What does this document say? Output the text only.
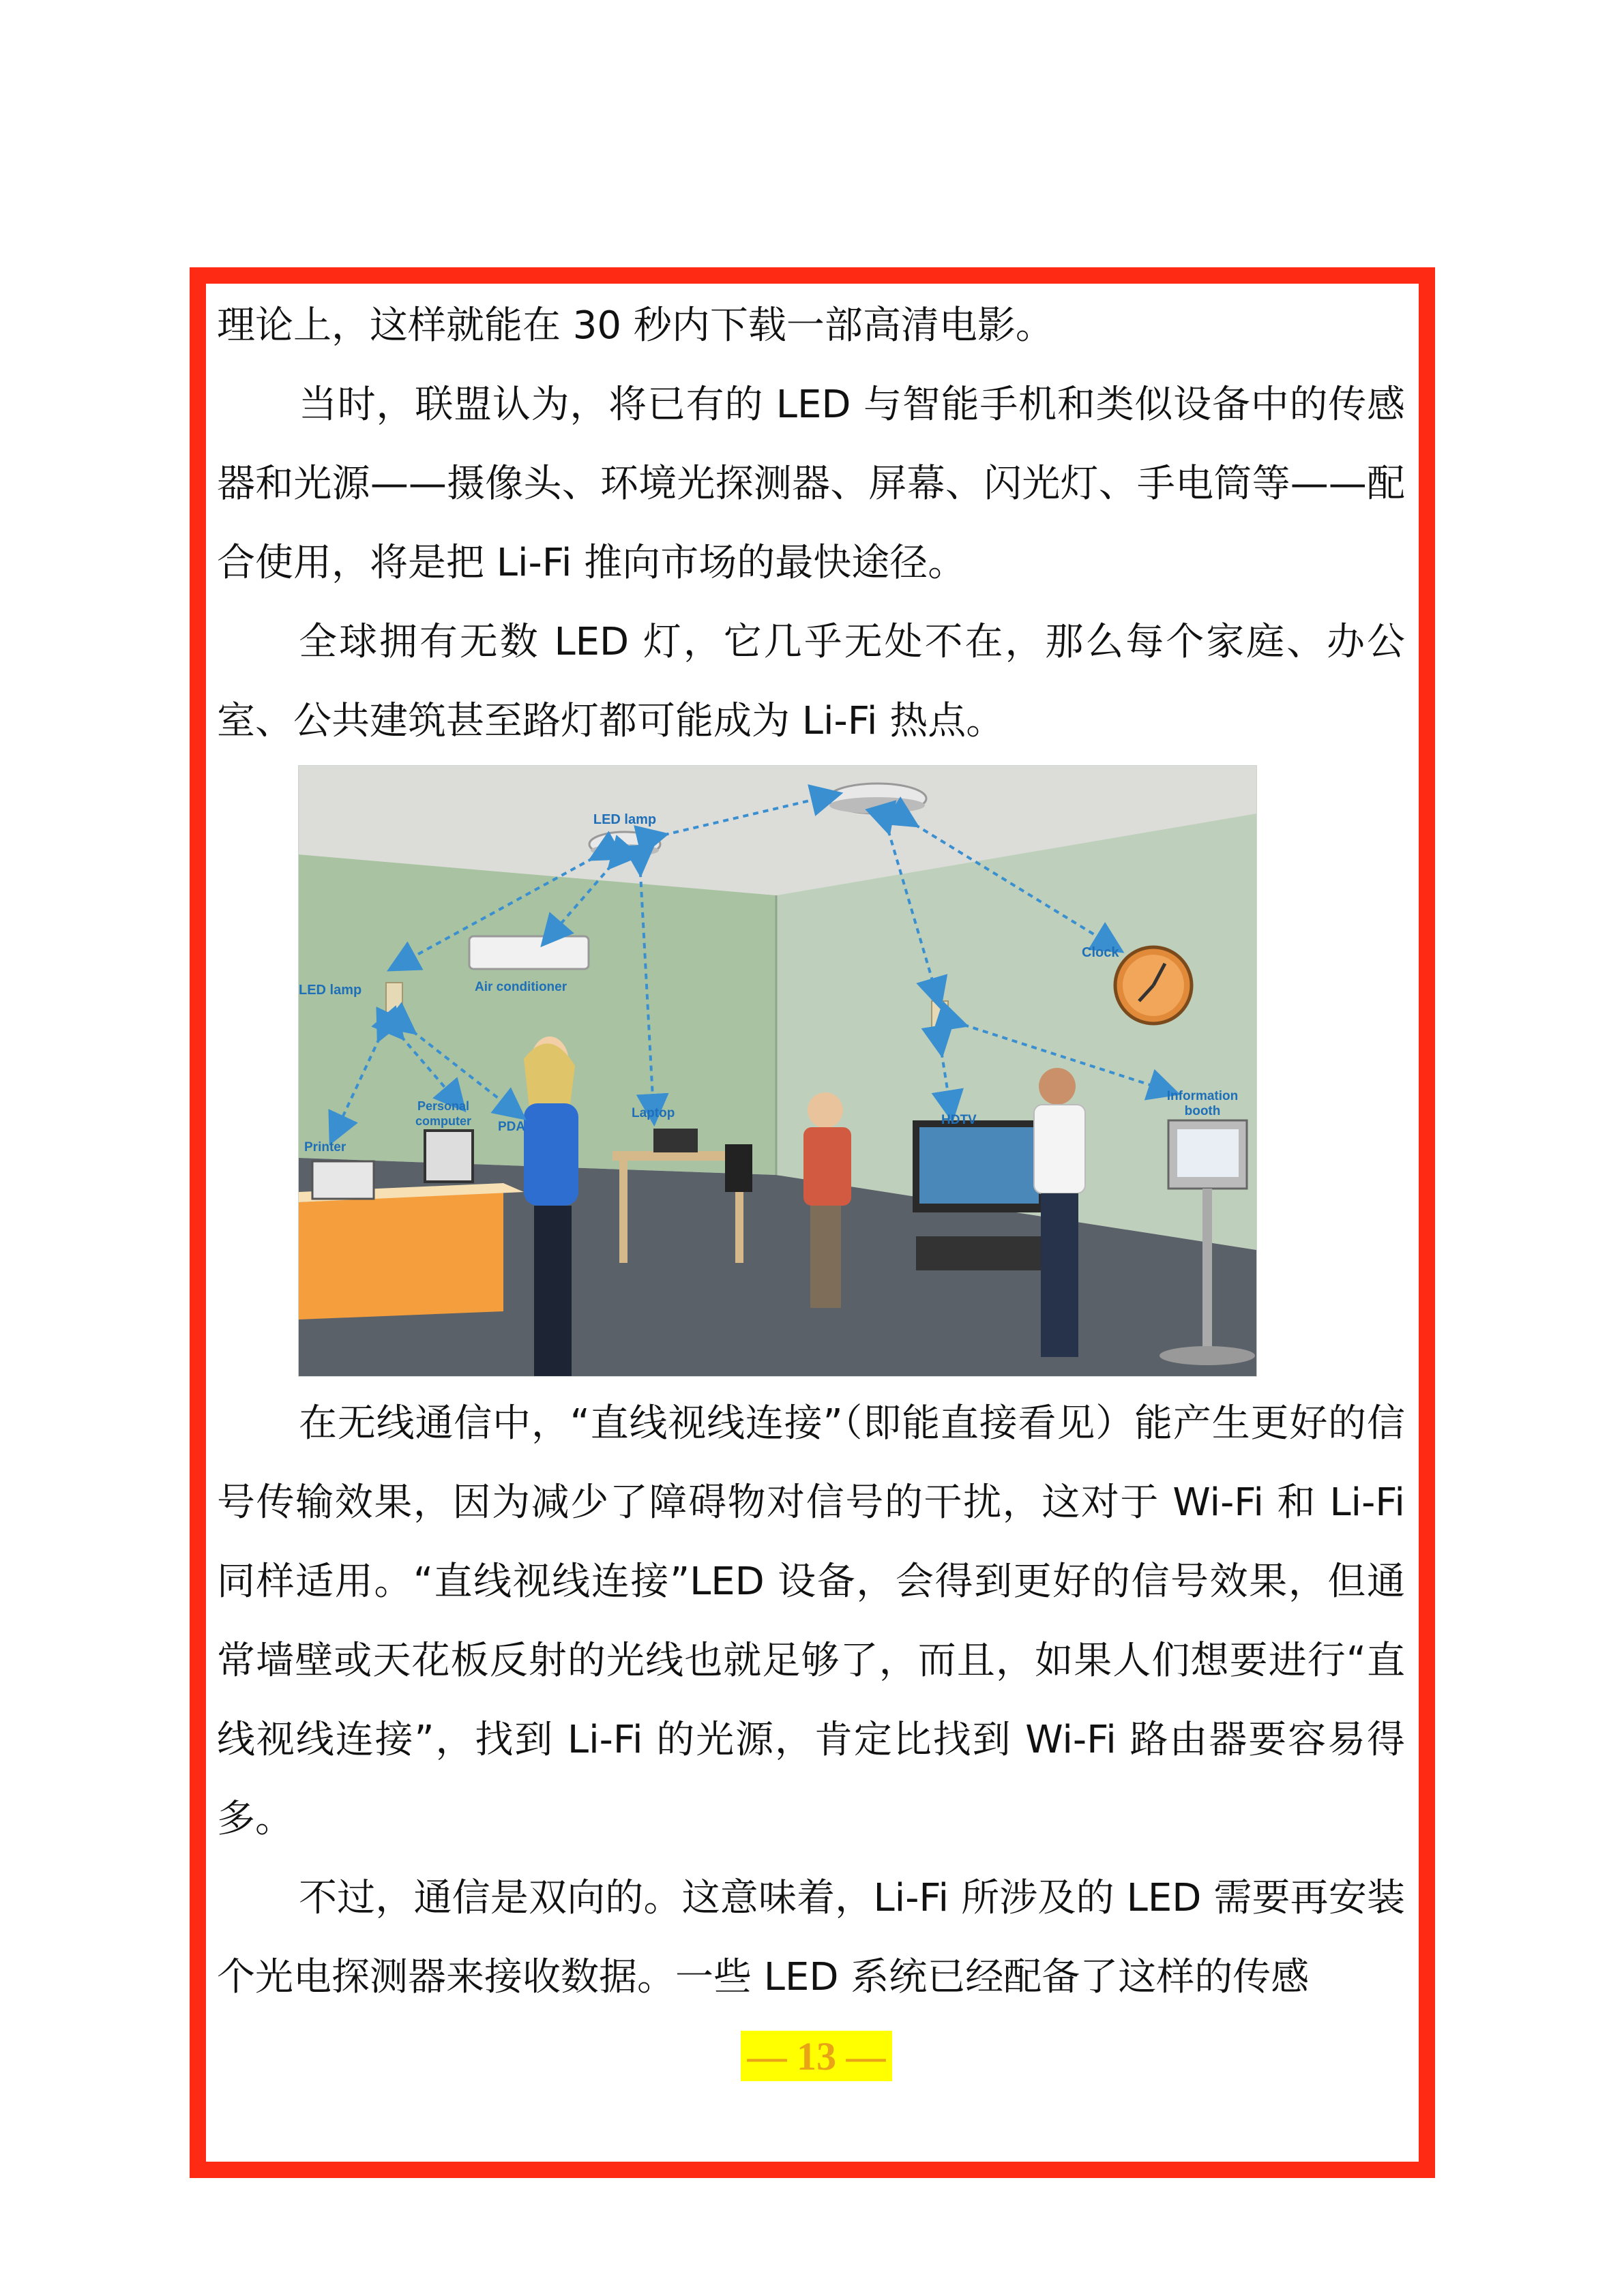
理论上，这样就能在 30 秒内下载一部高清电影。

当时，联盟认为，将已有的 LED 与智能手机和类似设备中的传感器和光源——摄像头、环境光探测器、屏幕、闪光灯、手电筒等——配合使用，将是把 Li-Fi 推向市场的最快途径。

全球拥有无数 LED 灯，它几乎无处不在，那么每个家庭、办公室、公共建筑甚至路灯都可能成为 Li-Fi 热点。

LED lamp
LED lamp	Air conditioner
Clock
Printer
Personal
computer PDA
Laptop	HDTV
Information
booth

在无线通信中，“直线视线连接”（即能直接看见）能产生更好的信号传输效果，因为减少了障碍物对信号的干扰，这对于 Wi-Fi 和 Li-Fi 同样适用。“直线视线连接”LED 设备，会得到更好的信号效果，但通常墙壁或天花板反射的光线也就足够了，而且，如果人们想要进行“直线视线连接”，找到 Li-Fi 的光源，肯定比找到 Wi-Fi 路由器要容易得多。

不过，通信是双向的。这意味着，Li-Fi 所涉及的 LED 需要再安装个光电探测器来接收数据。一些 LED 系统已经配备了这样的传感

— 13 —
